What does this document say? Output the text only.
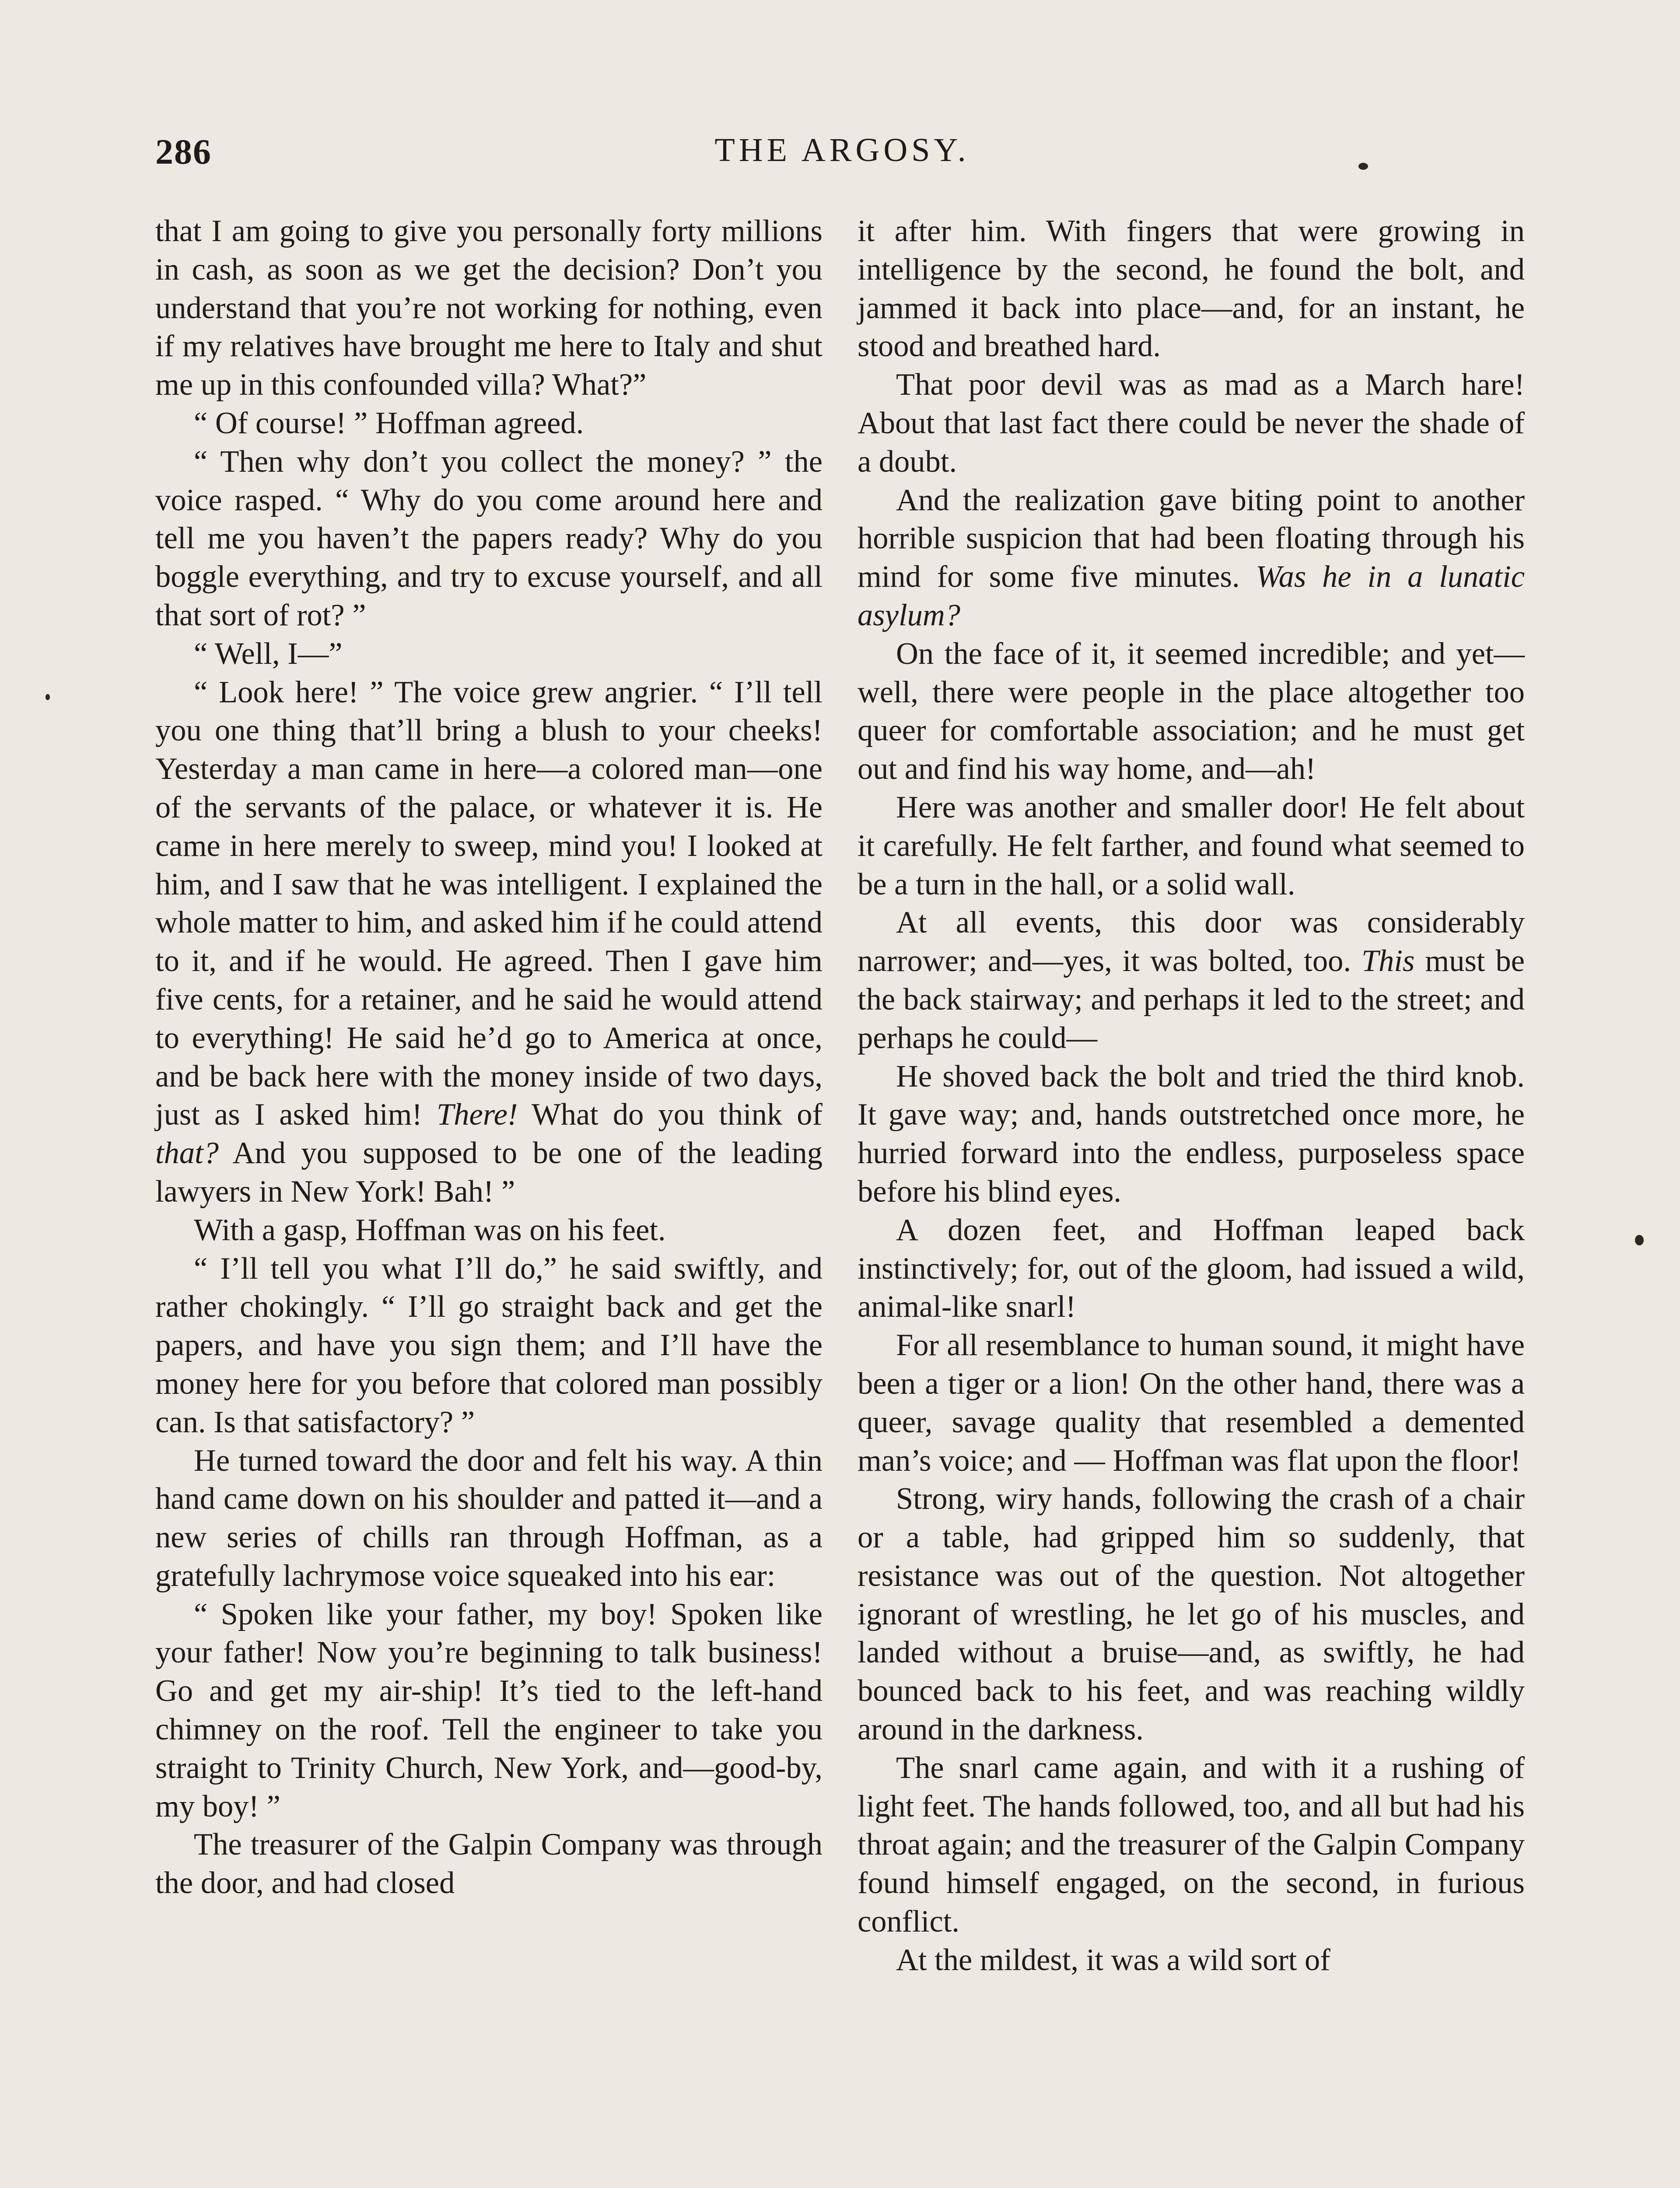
286	THE ARGOSY.

that I am going to give you personally forty millions in cash, as soon as we get the decision? Don’t you understand that you’re not working for nothing, even if my relatives have brought me here to Italy and shut me up in this confounded villa? What?”

“ Of course! ” Hoffman agreed.

“ Then why don’t you collect the money? ” the voice rasped. “ Why do you come around here and tell me you haven’t the papers ready? Why do you boggle everything, and try to excuse yourself, and all that sort of rot? ”

“ Well, I—”

“ Look here! ” The voice grew angrier. “ I’ll tell you one thing that’ll bring a blush to your cheeks! Yesterday a man came in here—a colored man—one of the servants of the palace, or whatever it is. He came in here merely to sweep, mind you! I looked at him, and I saw that he was intelligent. I explained the whole matter to him, and asked him if he could attend to it, and if he would. He agreed. Then I gave him five cents, for a retainer, and he said he would attend to everything! He said he’d go to America at once, and be back here with the money inside of two days, just as I asked him! There! What do you think of that? And you supposed to be one of the leading lawyers in New York! Bah! ”

With a gasp, Hoffman was on his feet.

“ I’ll tell you what I’ll do,” he said swiftly, and rather chokingly. “ I’ll go straight back and get the papers, and have you sign them; and I’ll have the money here for you before that colored man possibly can. Is that satisfactory? ”

He turned toward the door and felt his way. A thin hand came down on his shoulder and patted it—and a new series of chills ran through Hoffman, as a gratefully lachrymose voice squeaked into his ear:

“ Spoken like your father, my boy! Spoken like your father! Now you’re beginning to talk business! Go and get my air-ship! It’s tied to the left-hand chimney on the roof. Tell the engineer to take you straight to Trinity Church, New York, and—good-by, my boy! ”

The treasurer of the Galpin Company was through the door, and had closed

it after him. With fingers that were growing in intelligence by the second, he found the bolt, and jammed it back into place—and, for an instant, he stood and breathed hard.

That poor devil was as mad as a March hare! About that last fact there could be never the shade of a doubt.

And the realization gave biting point to another horrible suspicion that had been floating through his mind for some five minutes. Was he in a lunatic asylum?

On the face of it, it seemed incredible; and yet—well, there were people in the place altogether too queer for comfortable association; and he must get out and find his way home, and—ah!

Here was another and smaller door! He felt about it carefully. He felt farther, and found what seemed to be a turn in the hall, or a solid wall.

At all events, this door was considerably narrower; and—yes, it was bolted, too. This must be the back stairway; and perhaps it led to the street; and perhaps he could—

He shoved back the bolt and tried the third knob. It gave way; and, hands outstretched once more, he hurried forward into the endless, purposeless space before his blind eyes.

A dozen feet, and Hoffman leaped back instinctively; for, out of the gloom, had issued a wild, animal-like snarl!

For all resemblance to human sound, it might have been a tiger or a lion! On the other hand, there was a queer, savage quality that resembled a demented man’s voice; and — Hoffman was flat upon the floor!

Strong, wiry hands, following the crash of a chair or a table, had gripped him so suddenly, that resistance was out of the question. Not altogether ignorant of wrestling, he let go of his muscles, and landed without a bruise—and, as swiftly, he had bounced back to his feet, and was reaching wildly around in the darkness.

The snarl came again, and with it a rushing of light feet. The hands followed, too, and all but had his throat again; and the treasurer of the Galpin Company found himself engaged, on the second, in furious conflict.

At the mildest, it was a wild sort of
